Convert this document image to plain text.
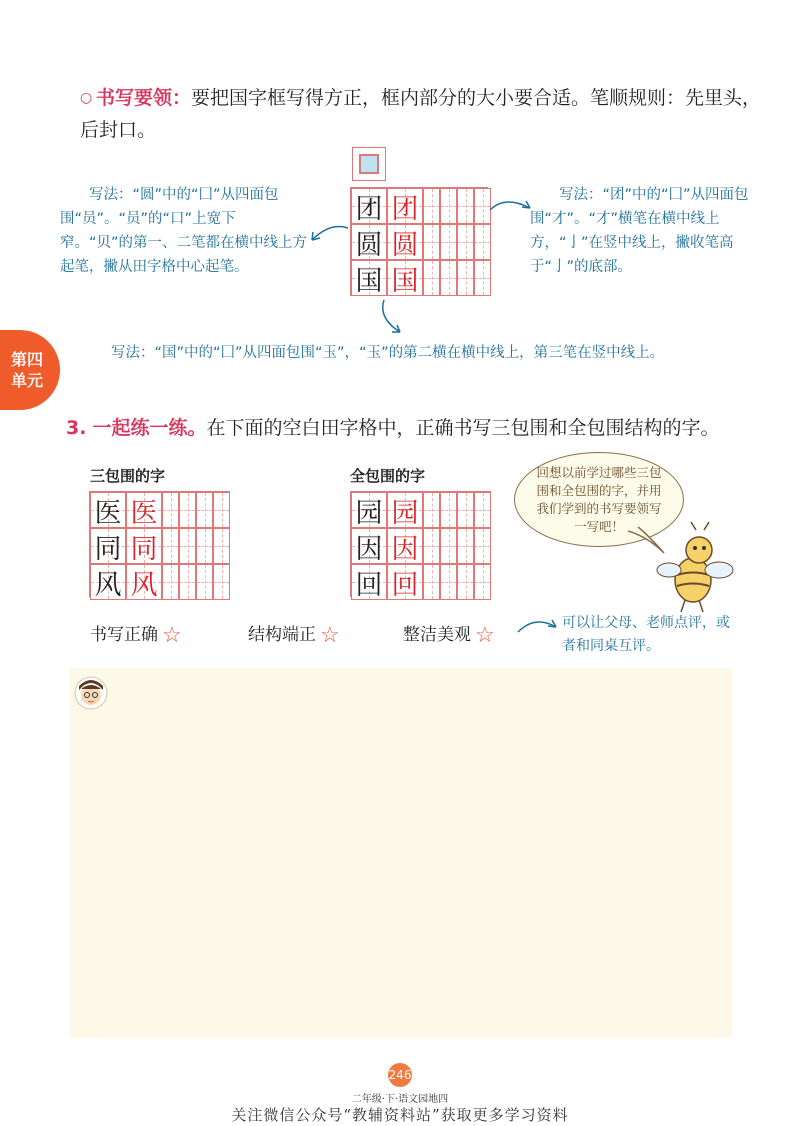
○ 书写要领：要把国字框写得方正，框内部分的大小要合适。笔顺规则：先里头，后封口。
团 团
圆 圆
国 国
写法：“圆”中的“囗”从四面包围“员”。“员”的“口”上宽下窄。“贝”的第一、二笔都在横中线上方起笔，撇从田字格中心起笔。
写法：“团”中的“囗”从四面包围“才”。“才”横笔在横中线上方，“亅”在竖中线上，撇收笔高于“亅”的底部。
写法：“国”中的“囗”从四面包围“玉”，“玉”的第二横在横中线上，第三笔在竖中线上。
第四单元
3. 一起练一练。在下面的空白田字格中，正确书写三包围和全包围结构的字。
三包围的字	全包围的字
医 医
同 同
风 风
园 园
因 因
回 回
回想以前学过哪些三包围和全包围的字，并用我们学到的书写要领写一写吧！
书写正确 ☆	结构端正 ☆	整洁美观 ☆	可以让父母、老师点评，或者和同桌互评。
246
二年级·下·语文园地四
关注微信公众号“教辅资料站”获取更多学习资料
